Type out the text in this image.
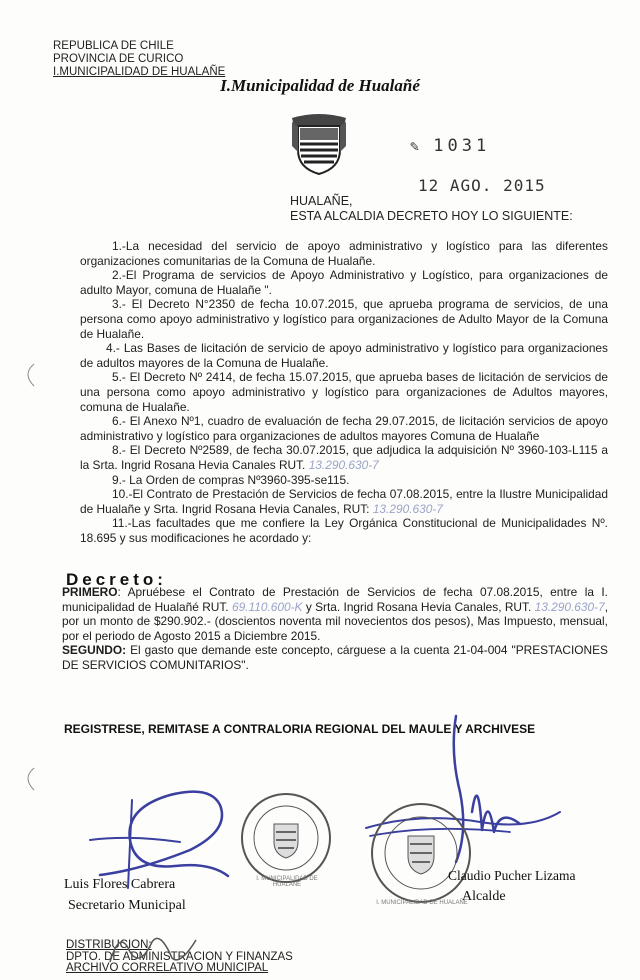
REPUBLICA DE CHILE
PROVINCIA DE CURICO
I.MUNICIPALIDAD DE HUALAÑE
I.Municipalidad de Hualañé
✎ 1031
12 AGO. 2015
HUALAÑE,
ESTA ALCALDIA DECRETO HOY LO SIGUIENTE:

1.-La necesidad del servicio de apoyo administrativo y logístico para las diferentes organizaciones comunitarias de la Comuna de Hualañe.

2.-El Programa de servicios de Apoyo Administrativo y Logístico, para organizaciones de adulto Mayor, comuna de Hualañe ".

3.- El Decreto N°2350 de fecha 10.07.2015, que aprueba programa de servicios, de una persona como apoyo administrativo y logístico para organizaciones de Adulto Mayor de la Comuna de Hualañe.

4.- Las Bases de licitación de servicio de apoyo administrativo y logístico para organizaciones de adultos mayores de la Comuna de Hualañe.

5.- El Decreto Nº 2414, de fecha 15.07.2015, que aprueba bases de licitación de servicios de una persona como apoyo administrativo y logístico para organizaciones de Adultos mayores, comuna de Hualañe.

6.- El Anexo Nº1, cuadro de evaluación de fecha 29.07.2015, de licitación servicios de apoyo administrativo y logístico para organizaciones de adultos mayores Comuna de Hualañe

8.- El Decreto Nº2589, de fecha 30.07.2015, que adjudica la adquisición Nº 3960-103-L115 a la Srta. Ingrid Rosana Hevia Canales RUT. 13.290.630-7

9.- La Orden de compras Nº3960-395-se115.

10.-El Contrato de Prestación de Servicios de fecha 07.08.2015, entre la Ilustre Municipalidad de Hualañe y Srta. Ingrid Rosana Hevia Canales, RUT: 13.290.630-7

11.-Las facultades que me confiere la Ley Orgánica Constitucional de Municipalidades Nº. 18.695 y sus modificaciones he acordado y:

Decreto:

PRIMERO: Apruébese el Contrato de Prestación de Servicios de fecha 07.08.2015, entre la I. municipalidad de Hualañé RUT. 69.110.600-K y Srta. Ingrid Rosana Hevia Canales, RUT. 13.290.630-7, por un monto de $290.902.- (doscientos noventa mil novecientos dos pesos), Mas Impuesto, mensual, por el periodo de Agosto 2015 a Diciembre 2015.

SEGUNDO: El gasto que demande este concepto, cárguese a la cuenta 21-04-004 "PRESTACIONES DE SERVICIOS COMUNITARIOS".

REGISTRESE, REMITASE A CONTRALORIA REGIONAL DEL MAULE Y ARCHIVESE
I. MUNICIPALIDAD DE HUALAÑE
I. MUNICIPALIDAD DE HUALAÑE
Luis Flores Cabrera
Secretario Municipal
Claudio Pucher Lizama
Alcalde
DISTRIBUCION:
DPTO. DE ADMINISTRACION Y FINANZAS
ARCHIVO CORRELATIVO MUNICIPAL
